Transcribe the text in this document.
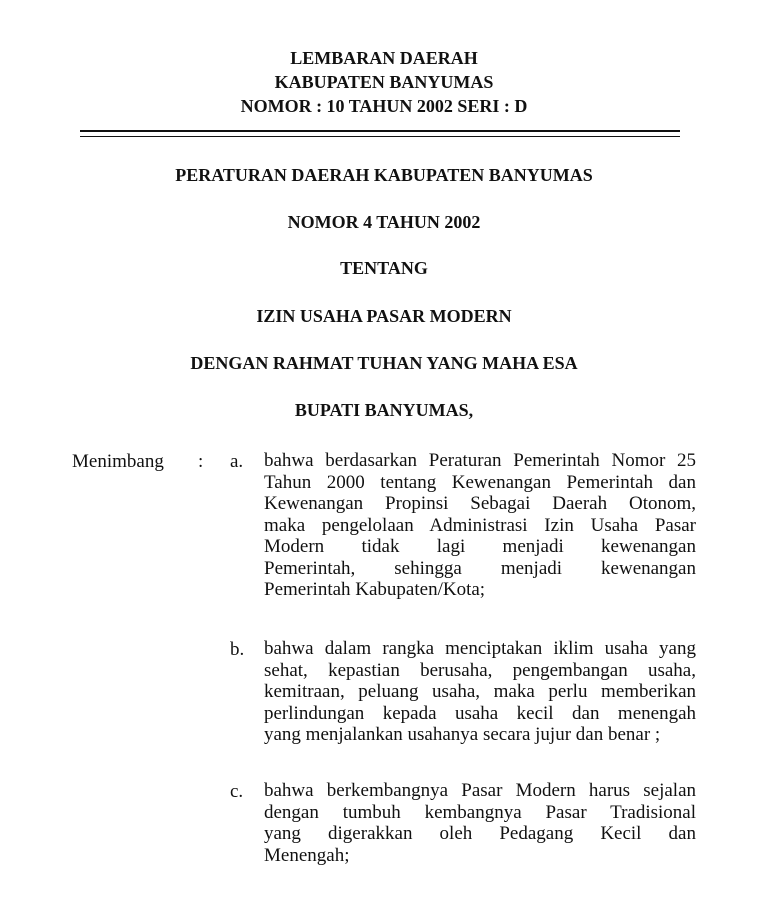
LEMBARAN DAERAH
KABUPATEN BANYUMAS
NOMOR : 10 TAHUN 2002 SERI : D
PERATURAN DAERAH KABUPATEN BANYUMAS
NOMOR 4 TAHUN 2002
TENTANG
IZIN USAHA PASAR MODERN
DENGAN RAHMAT TUHAN YANG MAHA ESA
BUPATI BANYUMAS,
Menimbang : a. bahwa berdasarkan Peraturan Pemerintah Nomor 25
Tahun 2000 tentang Kewenangan Pemerintah dan
Kewenangan Propinsi Sebagai Daerah Otonom,
maka pengelolaan Administrasi Izin Usaha Pasar
Modern tidak lagi menjadi kewenangan
Pemerintah, sehingga menjadi kewenangan
Pemerintah Kabupaten/Kota;
b. bahwa dalam rangka menciptakan iklim usaha yang
sehat, kepastian berusaha, pengembangan usaha,
kemitraan, peluang usaha, maka perlu memberikan
perlindungan kepada usaha kecil dan menengah
yang menjalankan usahanya secara jujur dan benar ;
c. bahwa berkembangnya Pasar Modern harus sejalan
dengan tumbuh kembangnya Pasar Tradisional
yang digerakkan oleh Pedagang Kecil dan
Menengah;
